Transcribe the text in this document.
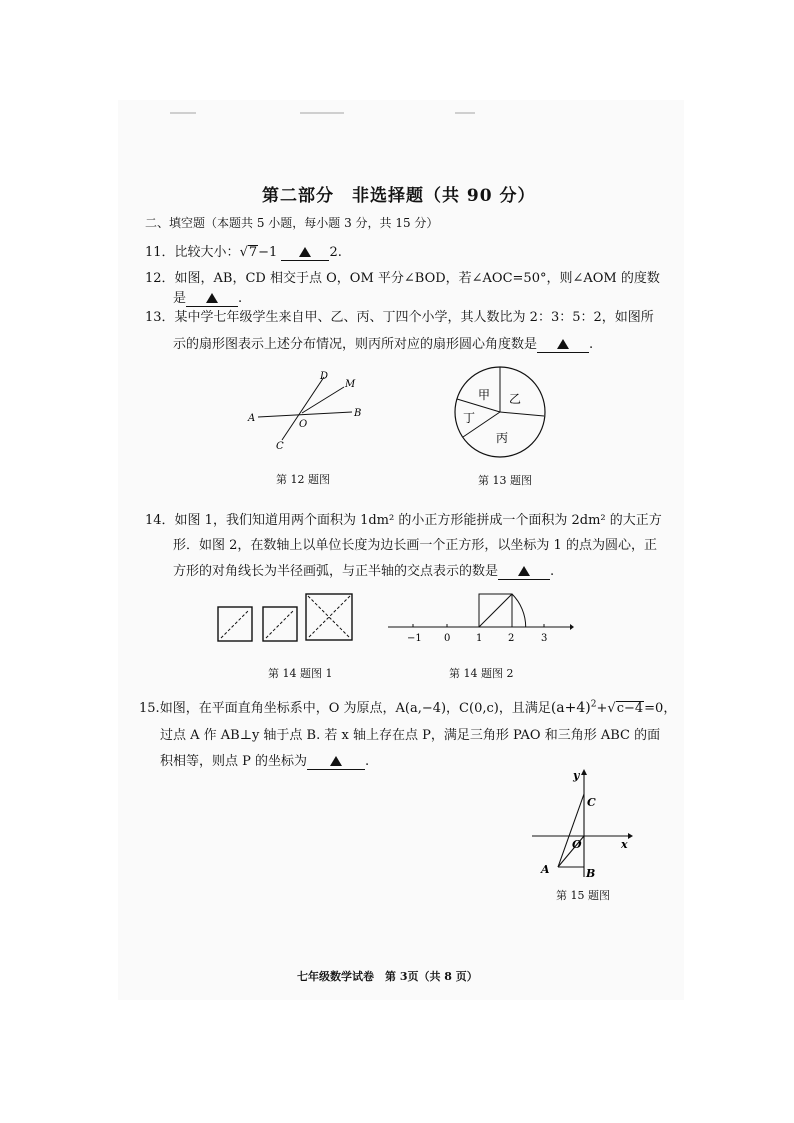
第二部分　非选择题（共 90 分）
二、填空题（本题共 5 小题，每小题 3 分，共 15 分）
11．比较大小：√7−1	2.
12．如图，AB，CD 相交于点 O，OM 平分∠BOD，若∠AOC=50°，则∠AOM 的度数
是	.
13．某中学七年级学生来自甲、乙、丙、丁四个小学，其人数比为 2：3：5：2，如图所
示的扇形图表示上述分布情况，则丙所对应的扇形圆心角度数是	.
A	B
C
D
M
O
第 12 题图
甲 乙
丙
丁
第 13 题图
14．如图 1，我们知道用两个面积为 1dm² 的小正方形能拼成一个面积为 2dm² 的大正方
形．如图 2，在数轴上以单位长度为边长画一个正方形，以坐标为 1 的点为圆心，正
方形的对角线长为半径画弧，与正半轴的交点表示的数是	.
第 14 题图 1
−1 0	1	2	3
第 14 题图 2
15.如图，在平面直角坐标系中，O 为原点，A(a,−4)，C(0,c)，且满足$(a+4)^2+√c-4=0$，
过点 A 作 AB⊥y 轴于点 B. 若 x 轴上存在点 P，满足三角形 PAO 和三角形 ABC 的面
积相等，则点 P 的坐标为	.
y
x
C
O
A	B
第 15 题图
七年级数学试卷　第 3页（共 8 页）
